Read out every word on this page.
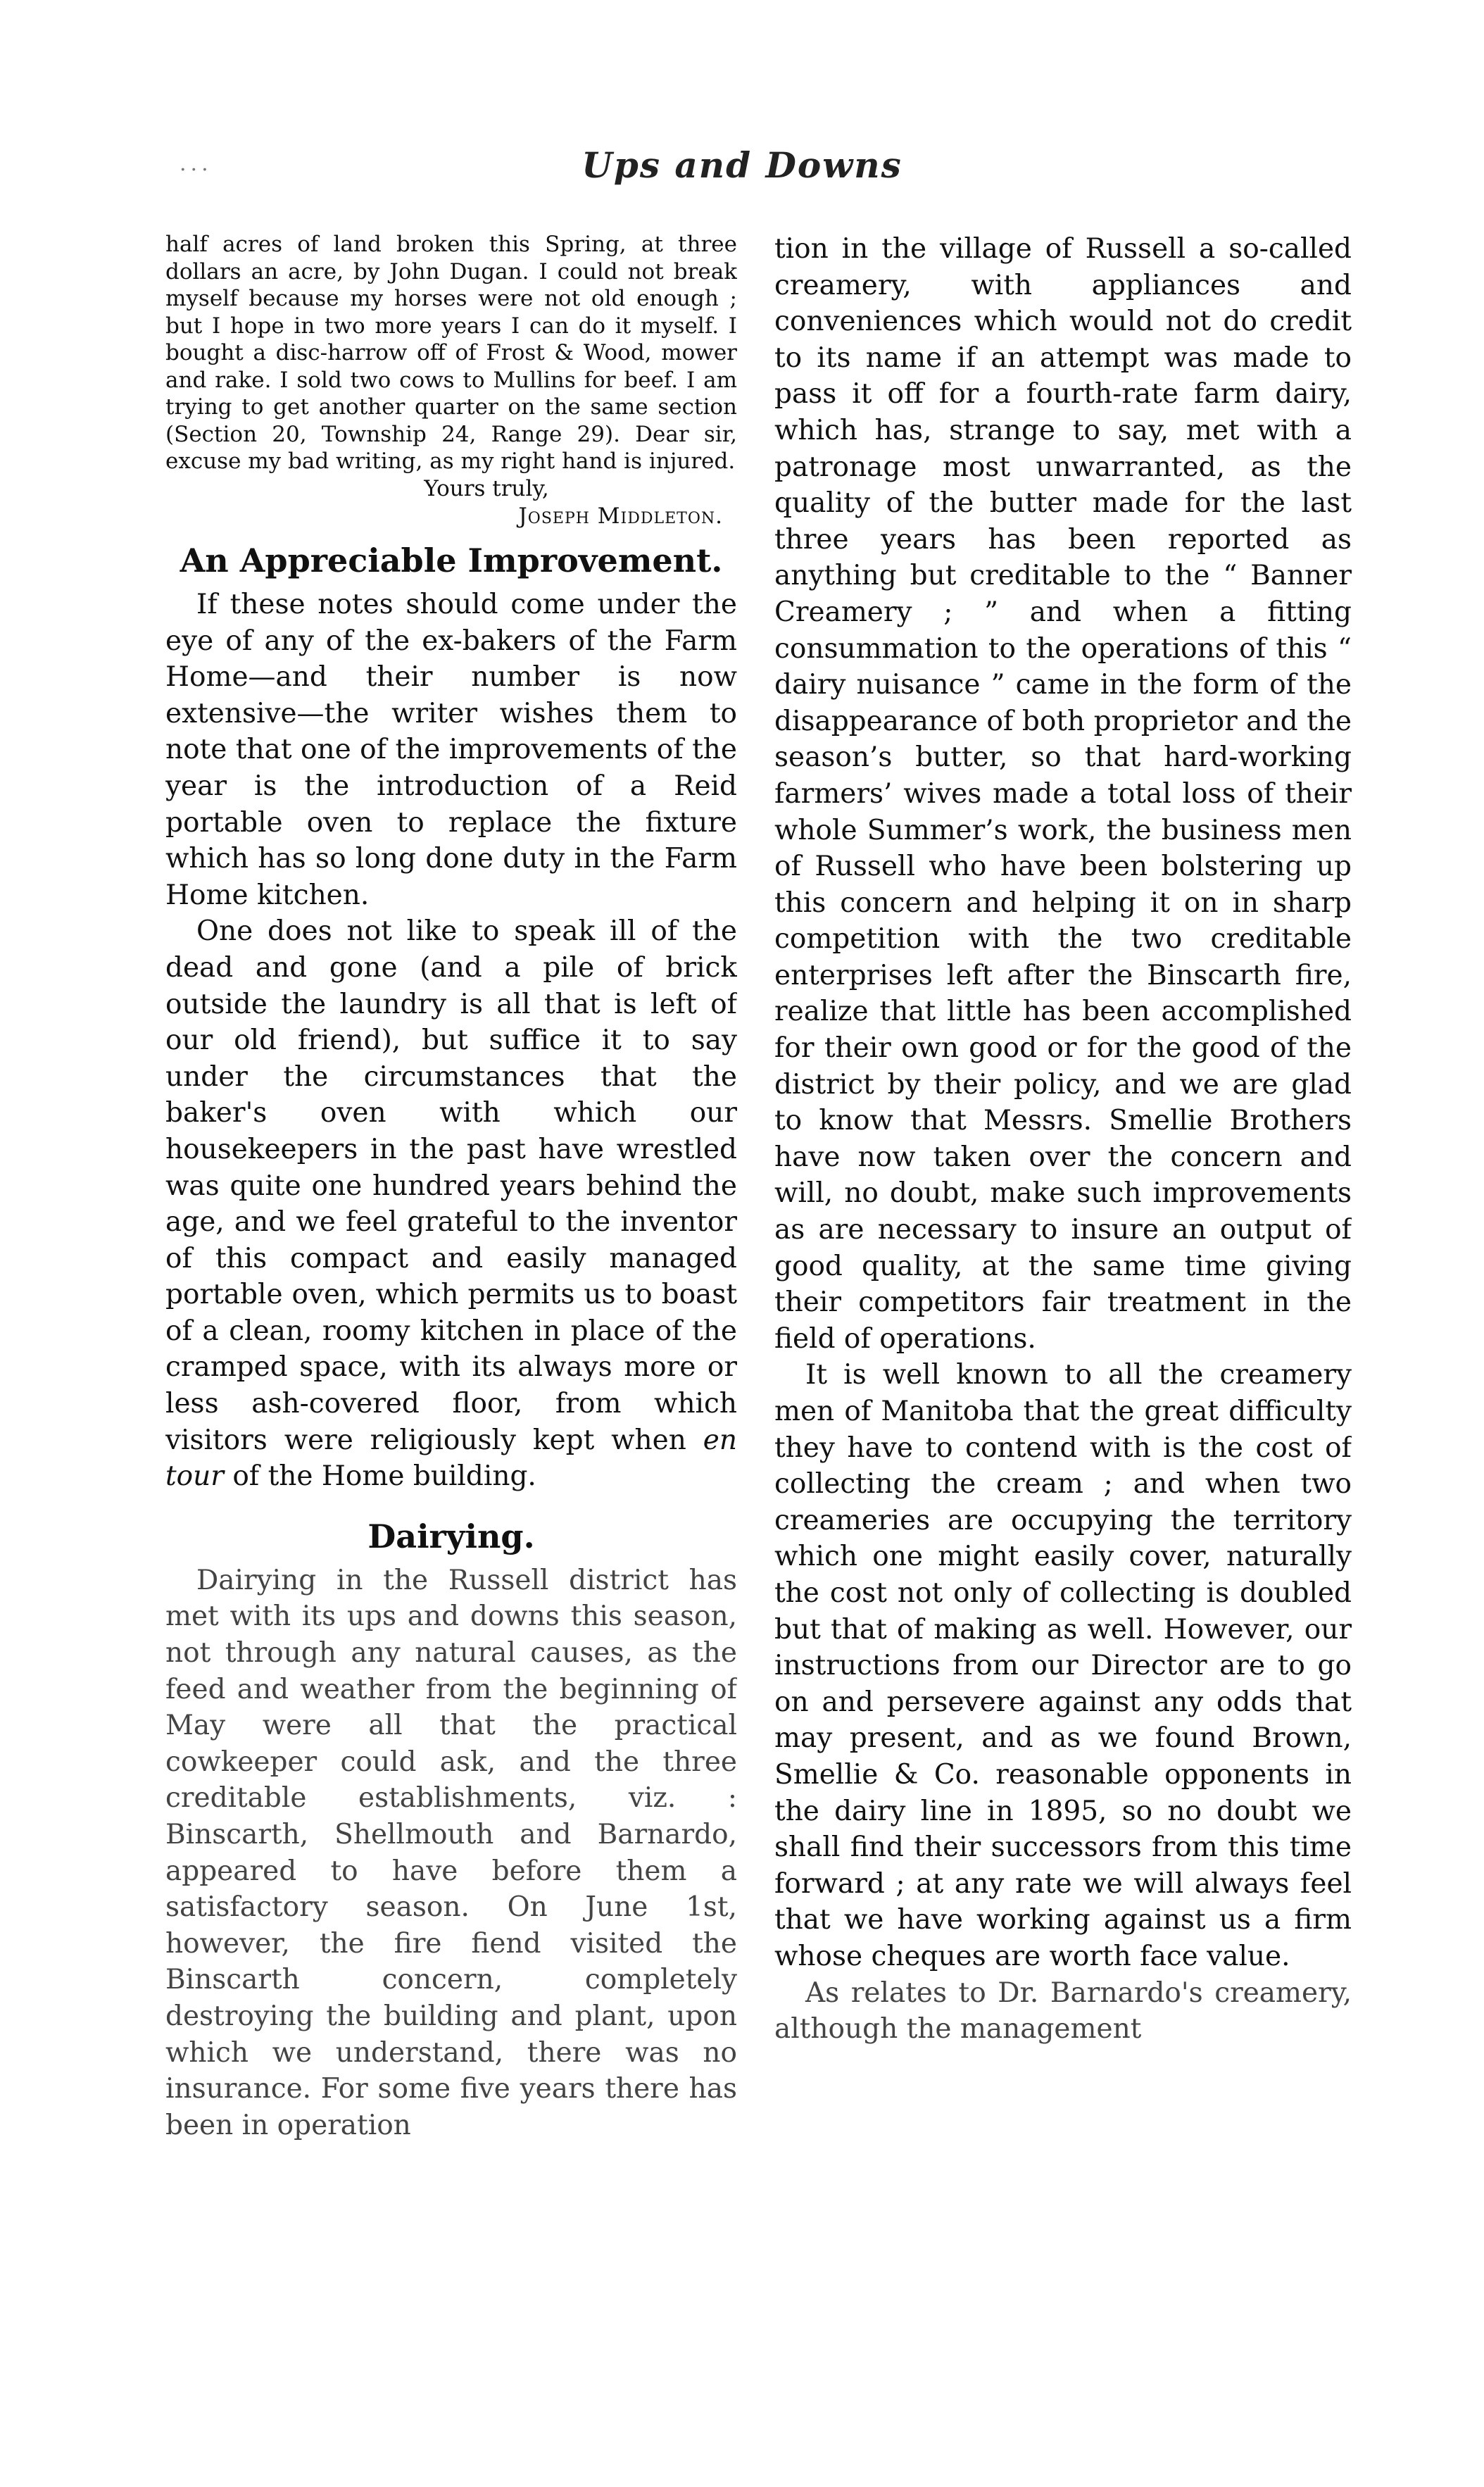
...	Ups and Downs

half acres of land broken this Spring, at three dollars an acre, by John Dugan. I could not break myself because my horses were not old enough ; but I hope in two more years I can do it myself. I bought a disc-harrow off of Frost & Wood, mower and rake. I sold two cows to Mullins for beef. I am trying to get another quarter on the same section (Section 20, Township 24, Range 29). Dear sir, excuse my bad writing, as my right hand is injured.

Yours truly,
Joseph Middleton.
An Appreciable Improvement.

If these notes should come under the eye of any of the ex-bakers of the Farm Home—and their number is now extensive—the writer wishes them to note that one of the improvements of the year is the introduction of a Reid portable oven to replace the fixture which has so long done duty in the Farm Home kitchen.

One does not like to speak ill of the dead and gone (and a pile of brick outside the laundry is all that is left of our old friend), but suffice it to say under the circumstances that the baker's oven with which our housekeepers in the past have wrestled was quite one hundred years behind the age, and we feel grateful to the inventor of this compact and easily managed portable oven, which permits us to boast of a clean, roomy kitchen in place of the cramped space, with its always more or less ash-covered floor, from which visitors were religiously kept when en tour of the Home building.

Dairying.

Dairying in the Russell district has met with its ups and downs this season, not through any natural causes, as the feed and weather from the beginning of May were all that the practical cowkeeper could ask, and the three creditable establishments, viz. : Binscarth, Shellmouth and Barnardo, appeared to have before them a satisfactory season. On June 1st, however, the fire fiend visited the Binscarth concern, completely destroying the building and plant, upon which we understand, there was no insurance. For some five years there has been in operation

tion in the village of Russell a so-called creamery, with appliances and conveniences which would not do credit to its name if an attempt was made to pass it off for a fourth-rate farm dairy, which has, strange to say, met with a patronage most unwarranted, as the quality of the butter made for the last three years has been reported as anything but creditable to the “ Banner Creamery ; ” and when a fitting consummation to the operations of this “ dairy nuisance ” came in the form of the disappearance of both proprietor and the season’s butter, so that hard-working farmers’ wives made a total loss of their whole Summer’s work, the business men of Russell who have been bolstering up this concern and helping it on in sharp competition with the two creditable enterprises left after the Binscarth fire, realize that little has been accomplished for their own good or for the good of the district by their policy, and we are glad to know that Messrs. Smellie Brothers have now taken over the concern and will, no doubt, make such improvements as are necessary to insure an output of good quality, at the same time giving their competitors fair treatment in the field of operations.

It is well known to all the creamery men of Manitoba that the great difficulty they have to contend with is the cost of collecting the cream ; and when two creameries are occupying the territory which one might easily cover, naturally the cost not only of collecting is doubled but that of making as well. However, our instructions from our Director are to go on and persevere against any odds that may present, and as we found Brown, Smellie & Co. reasonable opponents in the dairy line in 1895, so no doubt we shall find their successors from this time forward ; at any rate we will always feel that we have working against us a firm whose cheques are worth face value.

As relates to Dr. Barnardo's creamery, although the management
